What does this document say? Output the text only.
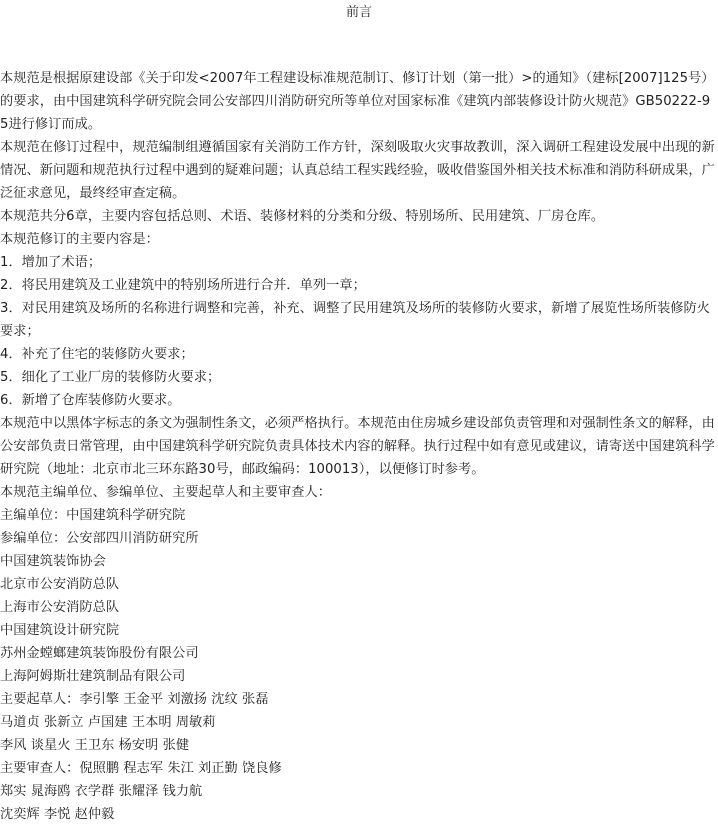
前言

本规范是根据原建设部《关于印发<2007年工程建设标准规范制订、修订计划（第一批）>的通知》（建标[2007]125号）的要求，由中国建筑科学研究院会同公安部四川消防研究所等单位对国家标准《建筑内部装修设计防火规范》GB50222-95进行修订而成。

本规范在修订过程中，规范编制组遵循国家有关消防工作方针，深刻吸取火灾事故教训，深入调研工程建设发展中出现的新情况、新问题和规范执行过程中遇到的疑难问题；认真总结工程实践经验，吸收借鉴国外相关技术标准和消防科研成果，广泛征求意见，最终经审查定稿。

本规范共分6章，主要内容包括总则、术语、装修材料的分类和分级、特别场所、民用建筑、厂房仓库。

本规范修订的主要内容是：

1．增加了术语；

2．将民用建筑及工业建筑中的特别场所进行合并．单列一章；

3．对民用建筑及场所的名称进行调整和完善，补充、调整了民用建筑及场所的装修防火要求，新增了展览性场所装修防火要求；

4．补充了住宅的装修防火要求；

5．细化了工业厂房的装修防火要求；

6．新增了仓库装修防火要求。

本规范中以黑体字标志的条文为强制性条文，必须严格执行。本规范由住房城乡建设部负责管理和对强制性条文的解释，由公安部负责日常管理，由中国建筑科学研究院负责具体技术内容的解释。执行过程中如有意见或建议，请寄送中国建筑科学研究院（地址：北京市北三环东路30号，邮政编码：100013），以便修订时参考。

本规范主编单位、参编单位、主要起草人和主要审查人：

主编单位：中国建筑科学研究院

参编单位：公安部四川消防研究所

中国建筑装饰协会

北京市公安消防总队

上海市公安消防总队

中国建筑设计研究院

苏州金螳螂建筑装饰股份有限公司

上海阿姆斯壮建筑制品有限公司

主要起草人：李引擎 王金平 刘激扬 沈纹 张磊

马道贞 张新立 卢国建 王本明 周敏莉

李风 谈星火 王卫东 杨安明 张健

主要审查人：倪照鹏 程志军 朱江 刘正勤 饶良修

郑实 晁海鸥 衣学群 张耀泽 钱力航

沈奕辉 李悦 赵仲毅
